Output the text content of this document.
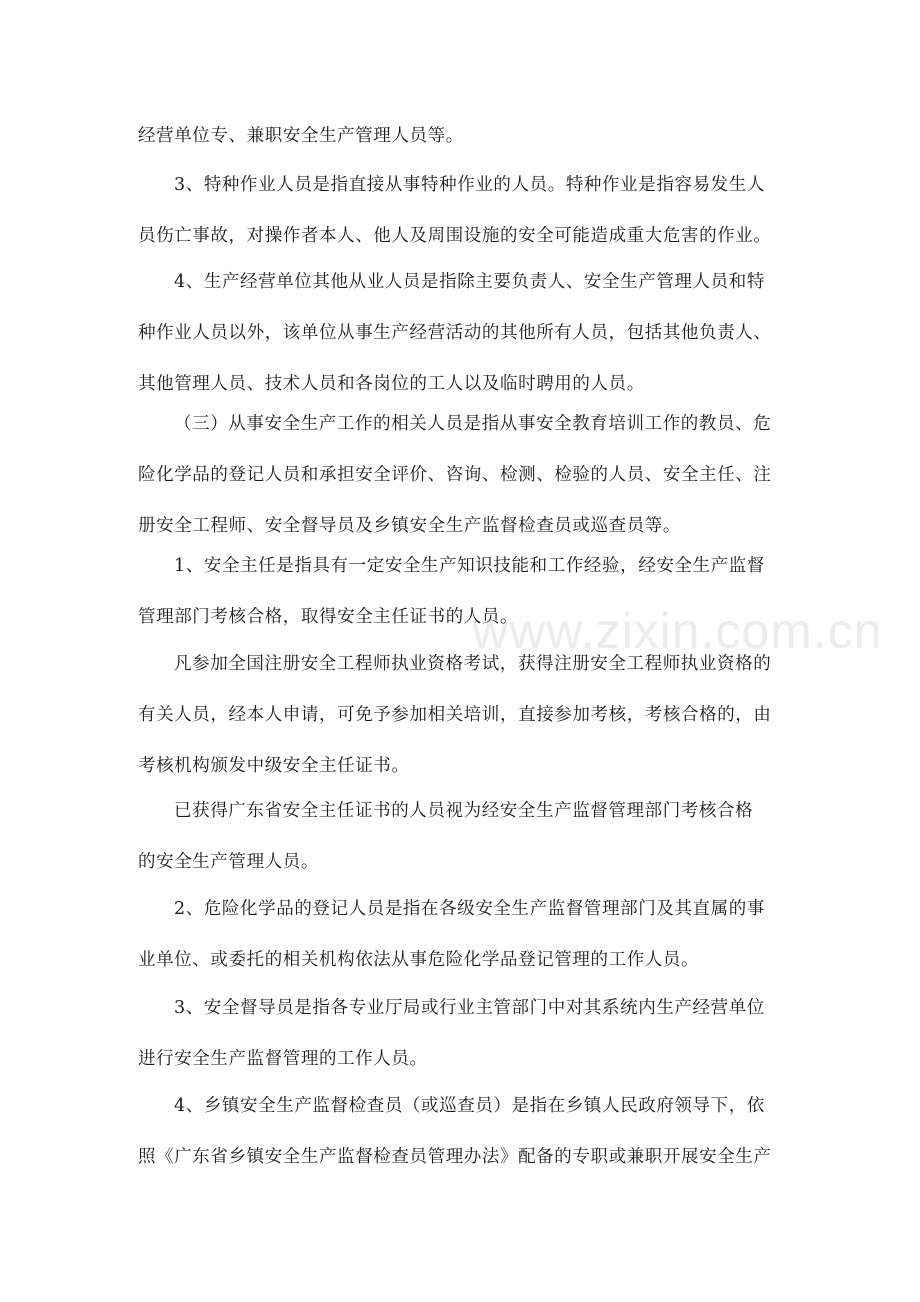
www.zixin.com.cn

经营单位专、兼职安全生产管理人员等。

3、特种作业人员是指直接从事特种作业的人员。特种作业是指容易发生人
员伤亡事故，对操作者本人、他人及周围设施的安全可能造成重大危害的作业。

4、生产经营单位其他从业人员是指除主要负责人、安全生产管理人员和特
种作业人员以外，该单位从事生产经营活动的其他所有人员，包括其他负责人、
其他管理人员、技术人员和各岗位的工人以及临时聘用的人员。

（三）从事安全生产工作的相关人员是指从事安全教育培训工作的教员、危
险化学品的登记人员和承担安全评价、咨询、检测、检验的人员、安全主任、注
册安全工程师、安全督导员及乡镇安全生产监督检查员或巡查员等。

1、安全主任是指具有一定安全生产知识技能和工作经验，经安全生产监督
管理部门考核合格，取得安全主任证书的人员。

凡参加全国注册安全工程师执业资格考试，获得注册安全工程师执业资格的
有关人员，经本人申请，可免予参加相关培训，直接参加考核，考核合格的，由
考核机构颁发中级安全主任证书。

已获得广东省安全主任证书的人员视为经安全生产监督管理部门考核合格
的安全生产管理人员。

2、危险化学品的登记人员是指在各级安全生产监督管理部门及其直属的事
业单位、或委托的相关机构依法从事危险化学品登记管理的工作人员。

3、安全督导员是指各专业厅局或行业主管部门中对其系统内生产经营单位
进行安全生产监督管理的工作人员。

4、乡镇安全生产监督检查员（或巡查员）是指在乡镇人民政府领导下，依
照《广东省乡镇安全生产监督检查员管理办法》配备的专职或兼职开展安全生产
